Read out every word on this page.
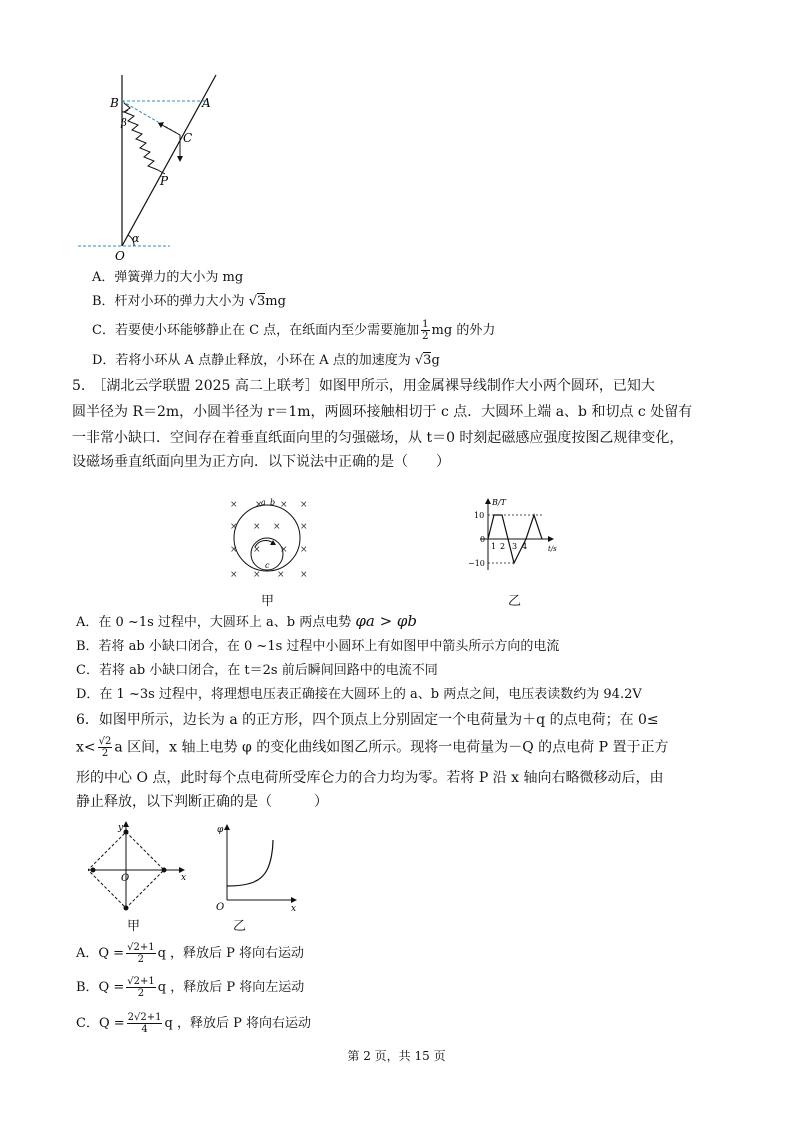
B	A
C
P
O
α
β
A．弹簧弹力的大小为 mg
B．杆对小环的弹力大小为 √3mg
C．若要使小环能够静止在 C 点，在纸面内至少需要施加 $\frac{1}{2}$ mg 的外力
D．若将小环从 A 点静止释放，小环在 A 点的加速度为 √3g
5.　［湖北云学联盟 2025 高二上联考］如图甲所示，用金属裸导线制作大小两个圆环，已知大
圆半径为 R＝2m，小圆半径为 r＝1m，两圆环接触相切于 c 点．大圆环上端 a、b 和切点 c 处留有
一非常小缺口．空间存在着垂直纸面向里的匀强磁场，从 t＝0 时刻起磁感应强度按图乙规律变化，
设磁场垂直纸面向里为正方向．以下说法中正确的是（　　）
× × × ×
× × × ×
× × × ×
× × × ×
a b
c
B/T
t/s
10
0
−10
1 2 3 4
甲	乙
A．在 0 ~1s 过程中，大圆环上 a、b 两点电势 φa > φb
B．若将 ab 小缺口闭合，在 0 ~1s 过程中小圆环上有如图甲中箭头所示方向的电流
C．若将 ab 小缺口闭合，在 t＝2s 前后瞬间回路中的电流不同
D．在 1 ~3s 过程中，将理想电压表正确接在大圆环上的 a、b 两点之间，电压表读数约为 94.2V
6．如图甲所示，边长为 a 的正方形，四个顶点上分别固定一个电荷量为＋q 的点电荷；在 0≤
$x< \frac{√2}{2}$ a 区间，x 轴上电势 φ 的变化曲线如图乙所示。现将一电荷量为－Q 的点电荷 P 置于正方
形的中心 O 点，此时每个点电荷所受库仑力的合力均为零。若将 P 沿 x 轴向右略微移动后，由
静止释放，以下判断正确的是（　　　）
y
x
O
φ
x
O
甲	乙
A．$Q = \frac{√2+1}{2}$ q ，释放后 P 将向右运动
B．$Q = \frac{√2+1}{2}$ q ，释放后 P 将向左运动
C．$Q = \frac{2√2+1}{4}$ q ，释放后 P 将向右运动
第 2 页，共 15 页
